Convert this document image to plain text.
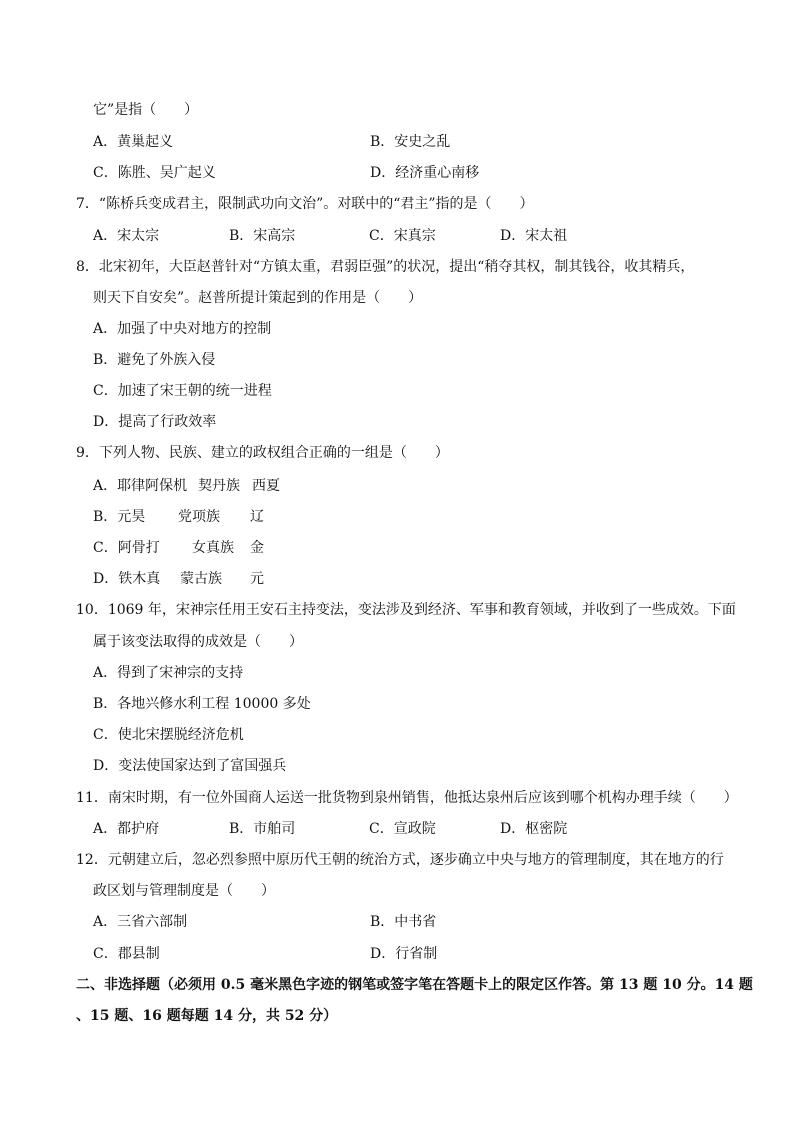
它”是指（　　）
A．黄巢起义	B．安史之乱
C．陈胜、吴广起义	D．经济重心南移
7．“陈桥兵变成君主，限制武功向文治”。对联中的“君主”指的是（　　）
A．宋太宗	B．宋高宗	C．宋真宗	D．宋太祖
8．北宋初年，大臣赵普针对“方镇太重，君弱臣强”的状况，提出“稍夺其权，制其钱谷，收其精兵，
则天下自安矣”。赵普所提计策起到的作用是（　　）
A．加强了中央对地方的控制
B．避免了外族入侵
C．加速了宋王朝的统一进程
D．提高了行政效率
9．下列人物、民族、建立的政权组合正确的一组是（　　）
A．耶律阿保机 契丹族 西夏
B．元昊 党项族 辽
C．阿骨打 女真族 金
D．铁木真 蒙古族 元
10．1069 年，宋神宗任用王安石主持变法，变法涉及到经济、军事和教育领域，并收到了一些成效。下面
属于该变法取得的成效是（　　）
A．得到了宋神宗的支持
B．各地兴修水利工程 10000 多处
C．使北宋摆脱经济危机
D．变法使国家达到了富国强兵
11．南宋时期，有一位外国商人运送一批货物到泉州销售，他抵达泉州后应该到哪个机构办理手续（　　）
A．都护府	B．市舶司	C．宣政院	D．枢密院
12．元朝建立后，忽必烈参照中原历代王朝的统治方式，逐步确立中央与地方的管理制度，其在地方的行
政区划与管理制度是（　　）
A．三省六部制	B．中书省
C．郡县制	D．行省制
二、非选择题（必须用 0.5 毫米黑色字迹的钢笔或签字笔在答题卡上的限定区作答。第 13 题 10 分。14 题
、15 题、16 题每题 14 分，共 52 分）
